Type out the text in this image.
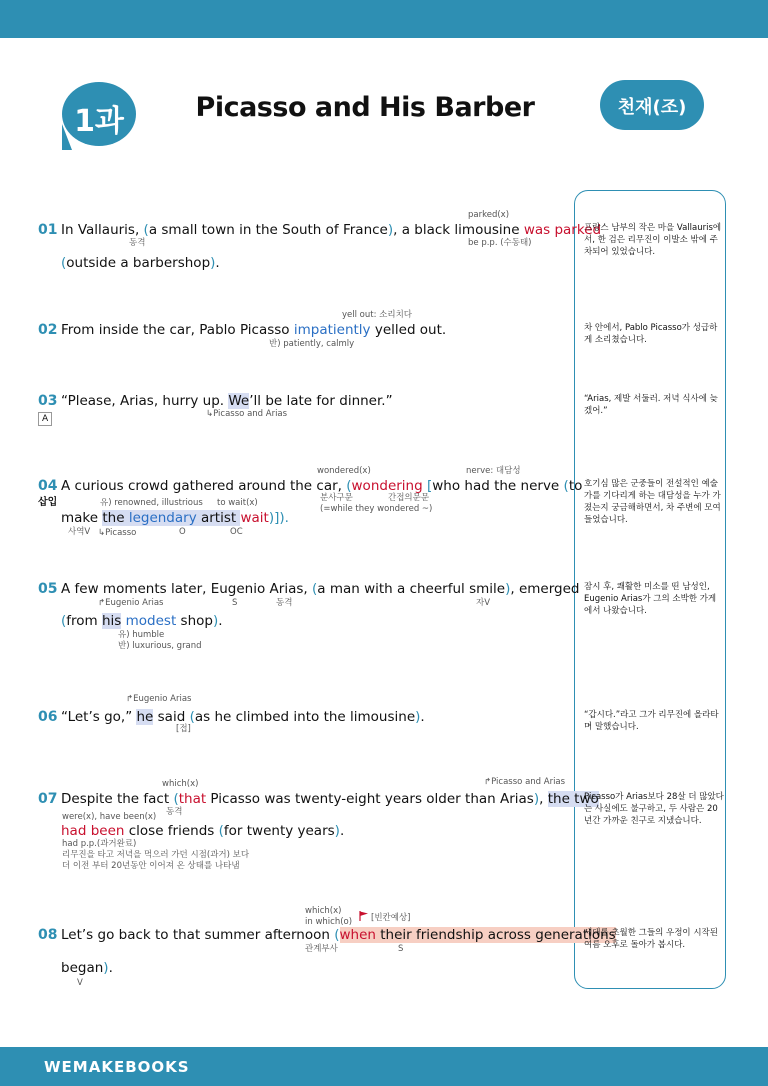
1과	Picasso and His Barber	천재(조)
01 In Vallauris, (a small town in the South of France), a black limousine was parked
(outside a barbershop).
parked(x)
동격	be p.p. (수동태)
프랑스 남부의 작은 마을 Vallauris에서, 한 검은 리무진이 이발소 밖에 주차되어 있었습니다.
02 From inside the car, Pablo Picasso impatiently yelled out.
yell out: 소리치다
반) patiently, calmly
차 안에서, Pablo Picasso가 성급하게 소리쳤습니다.
03 “Please, Arias, hurry up. We’ll be late for dinner.”
↳Picasso and Arias
A
“Arias, 제발 서둘러. 저녁 식사에 늦겠어.”
04 A curious crowd gathered around the car, (wondering [who had the nerve (to
make the legendary artist wait)]).
wondered(x)	nerve: 대담성
분사구문
(=while they wondered ~)
간접의문문
유) renowned, illustrious to wait(x)
사역V ↳Picasso	O	OC
삽입
호기심 많은 군중들이 전설적인 예술가를 기다리게 하는 대담성을 누가 가졌는지 궁금해하면서, 차 주변에 모여들었습니다.
05 A few moments later, Eugenio Arias, (a man with a cheerful smile), emerged
(from his modest shop).
↱Eugenio Arias	S	동격	자V
유) humble
반) luxurious, grand
잠시 후, 쾌활한 미소를 띤 남성인, Eugenio Arias가 그의 소박한 가게에서 나왔습니다.
06 “Let’s go,” he said (as he climbed into the limousine).
↱Eugenio Arias
[접]
“갑시다.”라고 그가 리무진에 올라타며 말했습니다.
07 Despite the fact (that Picasso was twenty-eight years older than Arias), the two
had been close friends (for twenty years).
which(x)
동격
↱Picasso and Arias
were(x), have been(x)
had p.p.(과거완료)
리무진을 타고 저녁을 먹으러 가던 시점(과거) 보다
더 이전 부터 20년동안 이어져 온 상태를 나타냄
Picasso가 Arias보다 28살 더 많았다는 사실에도 불구하고, 두 사람은 20년간 가까운 친구로 지냈습니다.
08 Let’s go back to that summer afternoon (when their friendship across generations
began).
which(x)
in which(o) [빈칸예상]
관계부사	S
V
세대를 초월한 그들의 우정이 시작된 여름 오후로 돌아가 봅시다.
WEMAKEBOOKS
